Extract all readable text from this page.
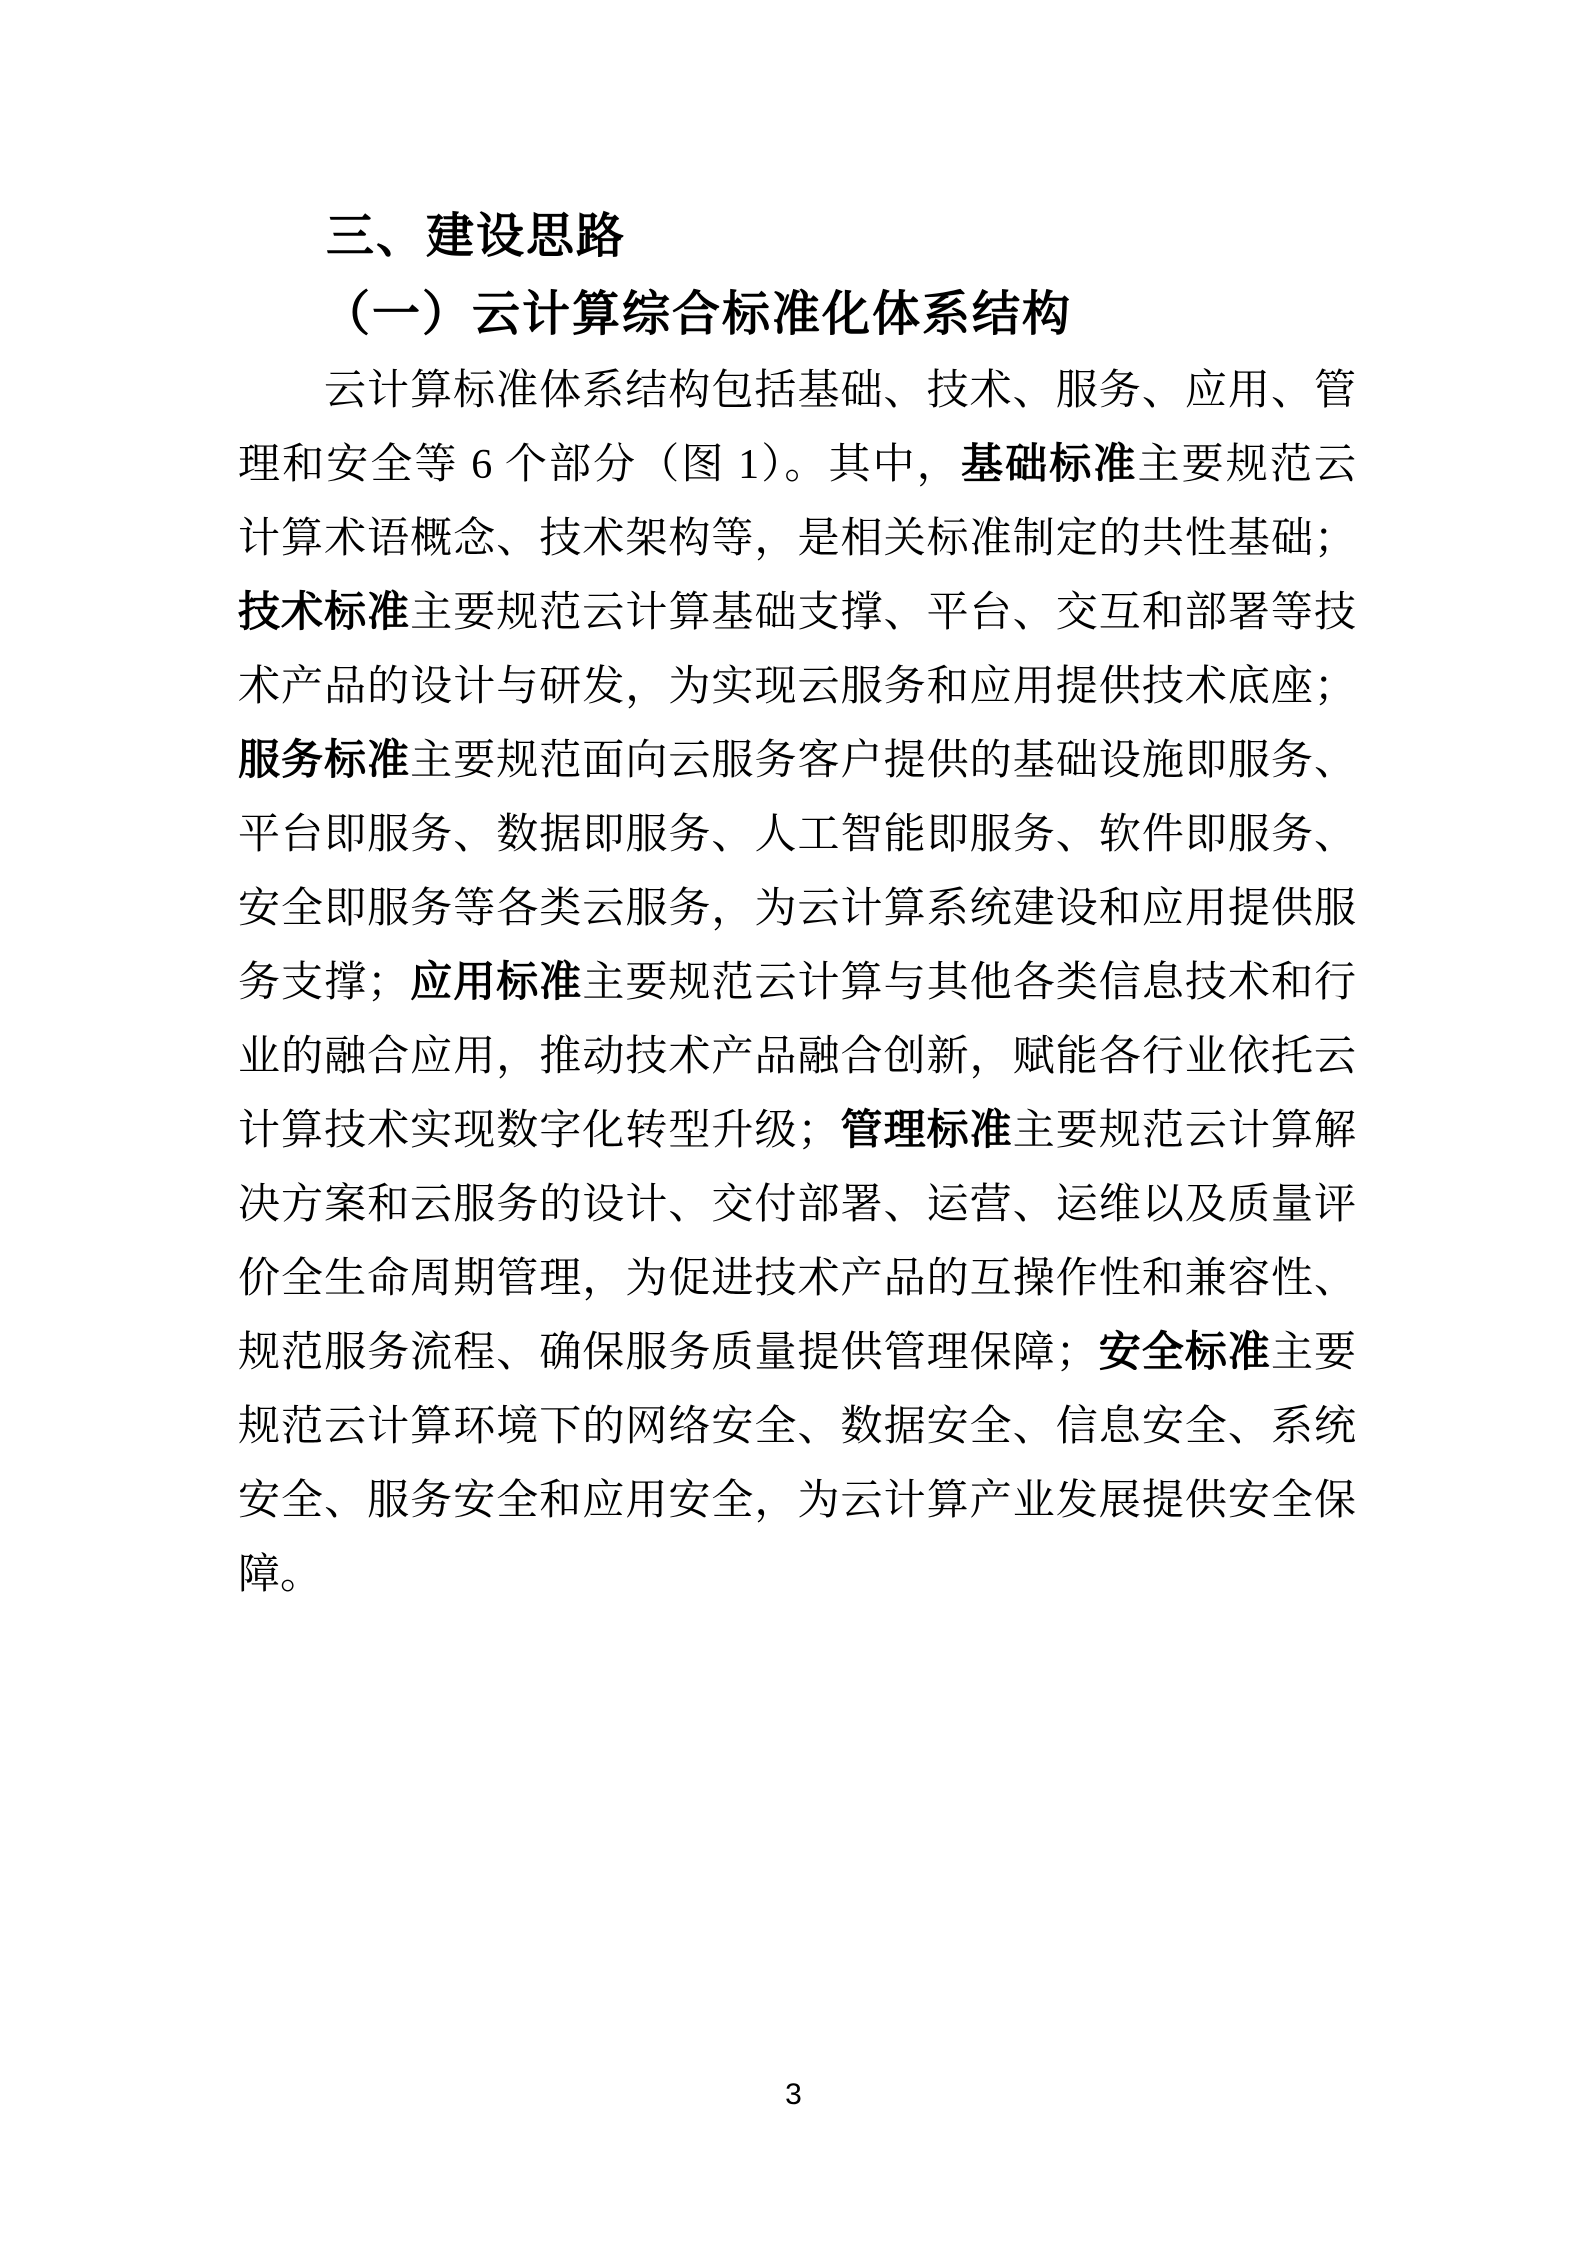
三、建设思路
（一）云计算综合标准化体系结构
云计算标准体系结构包括基础、技术、服务、应用、管
理和安全等 6 个部分（图 1）。其中，基础标准主要规范云
计算术语概念、技术架构等，是相关标准制定的共性基础；
技术标准主要规范云计算基础支撑、平台、交互和部署等技
术产品的设计与研发，为实现云服务和应用提供技术底座；
服务标准主要规范面向云服务客户提供的基础设施即服务、
平台即服务、数据即服务、人工智能即服务、软件即服务、
安全即服务等各类云服务，为云计算系统建设和应用提供服
务支撑；应用标准主要规范云计算与其他各类信息技术和行
业的融合应用，推动技术产品融合创新，赋能各行业依托云
计算技术实现数字化转型升级；管理标准主要规范云计算解
决方案和云服务的设计、交付部署、运营、运维以及质量评
价全生命周期管理，为促进技术产品的互操作性和兼容性、
规范服务流程、确保服务质量提供管理保障；安全标准主要
规范云计算环境下的网络安全、数据安全、信息安全、系统
安全、服务安全和应用安全，为云计算产业发展提供安全保
障。
3
